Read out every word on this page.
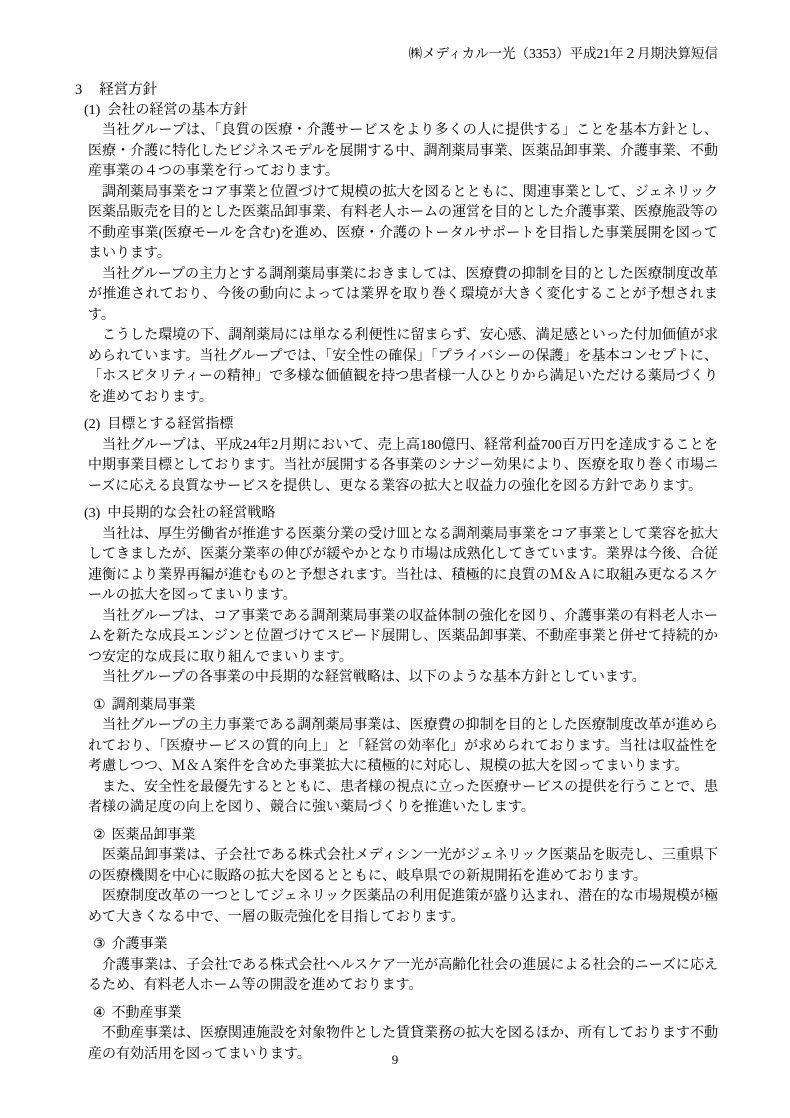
㈱メディカル一光（3353）平成21年２月期決算短信
3 経営方針
(1) 会社の経営の基本方針

当社グループは、「良質の医療・介護サービスをより多くの人に提供する」ことを基本方針とし、医療・介護に特化したビジネスモデルを展開する中、調剤薬局事業、医薬品卸事業、介護事業、不動産事業の４つの事業を行っております。

調剤薬局事業をコア事業と位置づけて規模の拡大を図るとともに、関連事業として、ジェネリック医薬品販売を目的とした医薬品卸事業、有料老人ホームの運営を目的とした介護事業、医療施設等の不動産事業(医療モールを含む)を進め、医療・介護のトータルサポートを目指した事業展開を図ってまいります。

当社グループの主力とする調剤薬局事業におきましては、医療費の抑制を目的とした医療制度改革が推進されており、今後の動向によっては業界を取り巻く環境が大きく変化することが予想されます。

こうした環境の下、調剤薬局には単なる利便性に留まらず、安心感、満足感といった付加価値が求められています。当社グループでは、「安全性の確保」「プライバシーの保護」を基本コンセプトに、「ホスピタリティーの精神」で多様な価値観を持つ患者様一人ひとりから満足いただける薬局づくりを進めております。

(2) 目標とする経営指標

当社グループは、平成24年2月期において、売上高180億円、経常利益700百万円を達成することを中期事業目標としております。当社が展開する各事業のシナジー効果により、医療を取り巻く市場ニーズに応える良質なサービスを提供し、更なる業容の拡大と収益力の強化を図る方針であります。

(3) 中長期的な会社の経営戦略

当社は、厚生労働省が推進する医薬分業の受け皿となる調剤薬局事業をコア事業として業容を拡大してきましたが、医薬分業率の伸びが緩やかとなり市場は成熟化してきています。業界は今後、合従連衡により業界再編が進むものと予想されます。当社は、積極的に良質のＭ＆Ａに取組み更なるスケールの拡大を図ってまいります。

当社グループは、コア事業である調剤薬局事業の収益体制の強化を図り、介護事業の有料老人ホームを新たな成長エンジンと位置づけてスピード展開し、医薬品卸事業、不動産事業と併せて持続的かつ安定的な成長に取り組んでまいります。

当社グループの各事業の中長期的な経営戦略は、以下のような基本方針としています。

① 調剤薬局事業

当社グループの主力事業である調剤薬局事業は、医療費の抑制を目的とした医療制度改革が進められており、「医療サービスの質的向上」と「経営の効率化」が求められております。当社は収益性を考慮しつつ、Ｍ＆Ａ案件を含めた事業拡大に積極的に対応し、規模の拡大を図ってまいります。

また、安全性を最優先するとともに、患者様の視点に立った医療サービスの提供を行うことで、患者様の満足度の向上を図り、競合に強い薬局づくりを推進いたします。

② 医薬品卸事業

医薬品卸事業は、子会社である株式会社メディシン一光がジェネリック医薬品を販売し、三重県下の医療機関を中心に販路の拡大を図るとともに、岐阜県での新規開拓を進めております。

医療制度改革の一つとしてジェネリック医薬品の利用促進策が盛り込まれ、潜在的な市場規模が極めて大きくなる中で、一層の販売強化を目指しております。

③ 介護事業

介護事業は、子会社である株式会社ヘルスケア一光が高齢化社会の進展による社会的ニーズに応えるため、有料老人ホーム等の開設を進めております。

④ 不動産事業

不動産事業は、医療関連施設を対象物件とした賃貸業務の拡大を図るほか、所有しております不動産の有効活用を図ってまいります。	9
